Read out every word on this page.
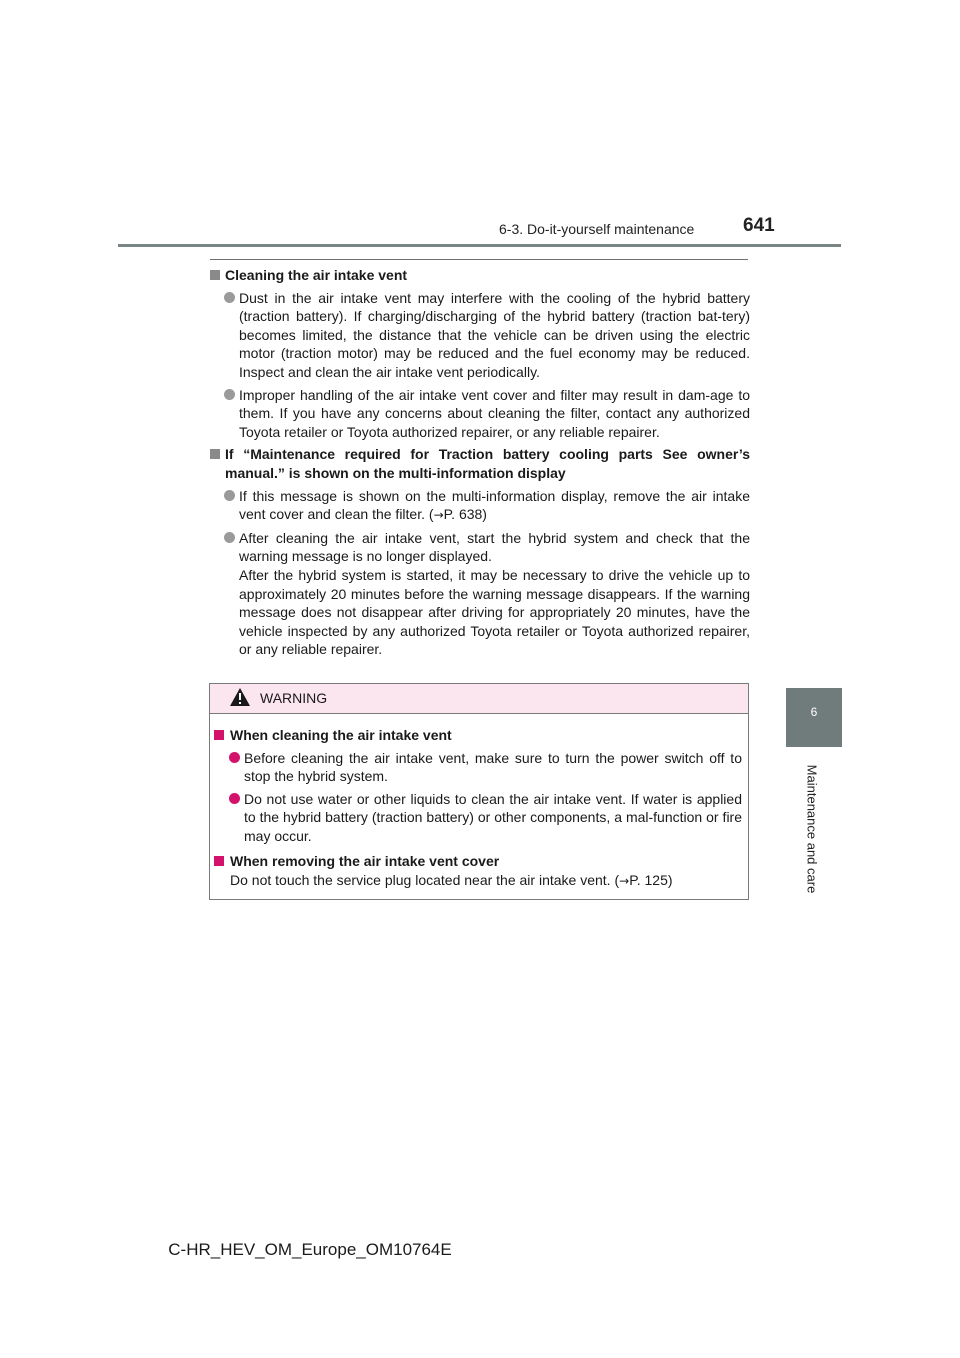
6-3. Do-it-yourself maintenance	641
6
Maintenance and care
Cleaning the air intake vent
Dust in the air intake vent may interfere with the cooling of the hybrid battery (traction battery). If charging/discharging of the hybrid battery (traction bat-tery) becomes limited, the distance that the vehicle can be driven using the electric motor (traction motor) may be reduced and the fuel economy may be reduced. Inspect and clean the air intake vent periodically.
Improper handling of the air intake vent cover and filter may result in dam-age to them. If you have any concerns about cleaning the filter, contact any authorized Toyota retailer or Toyota authorized repairer, or any reliable repairer.
If “Maintenance required for Traction battery cooling parts See owner’s manual.” is shown on the multi-information display
If this message is shown on the multi-information display, remove the air intake vent cover and clean the filter. (→P. 638)
After cleaning the air intake vent, start the hybrid system and check that the warning message is no longer displayed.
After the hybrid system is started, it may be necessary to drive the vehicle up to approximately 20 minutes before the warning message disappears. If the warning message does not disappear after driving for appropriately 20 minutes, have the vehicle inspected by any authorized Toyota retailer or Toyota authorized repairer, or any reliable repairer.
WARNING
When cleaning the air intake vent
Before cleaning the air intake vent, make sure to turn the power switch off to stop the hybrid system.
Do not use water or other liquids to clean the air intake vent. If water is applied to the hybrid battery (traction battery) or other components, a mal-function or fire may occur.
When removing the air intake vent cover
Do not touch the service plug located near the air intake vent. (→P. 125)
C-HR_HEV_OM_Europe_OM10764E
